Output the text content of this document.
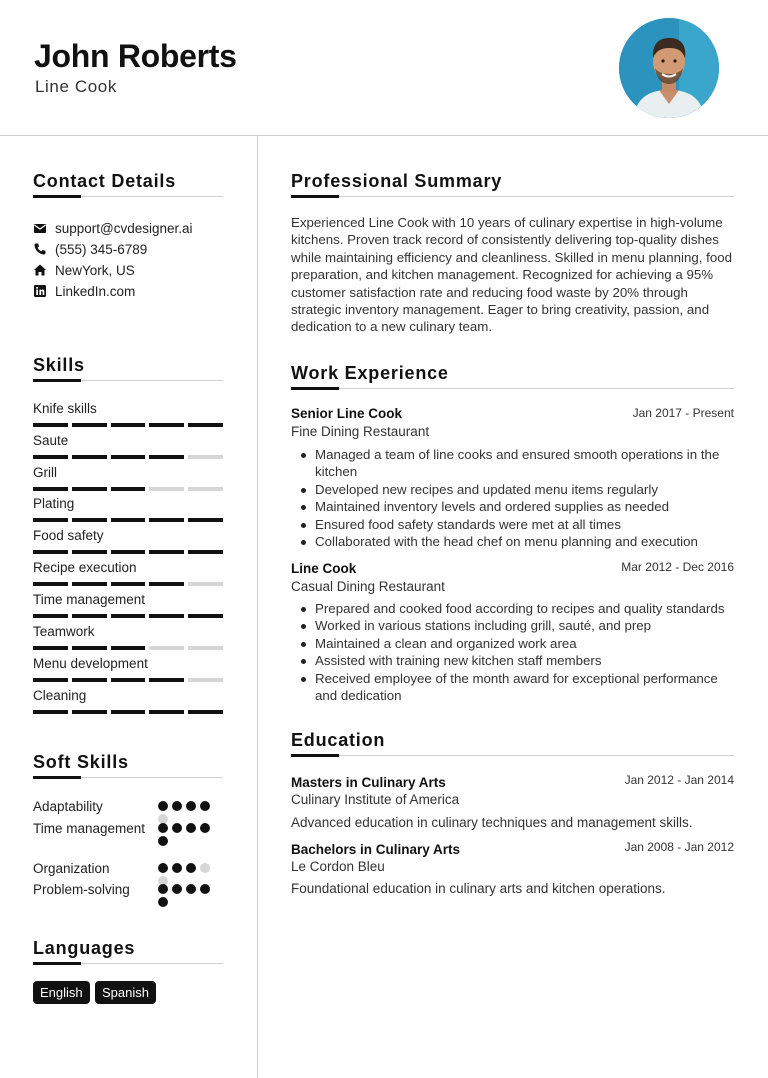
John Roberts
Line Cook
Contact Details
support@cvdesigner.ai
(555) 345-6789
NewYork, US
LinkedIn.com
Skills
Knife skills
Saute
Grill
Plating
Food safety
Recipe execution
Time management
Teamwork
Menu development
Cleaning
Soft Skills
Adaptability
Time management
Organization
Problem-solving
Languages
English	Spanish
Professional Summary
Experienced Line Cook with 10 years of culinary expertise in high-volume kitchens. Proven track record of consistently delivering top-quality dishes while maintaining efficiency and cleanliness. Skilled in menu planning, food preparation, and kitchen management. Recognized for achieving a 95% customer satisfaction rate and reducing food waste by 20% through strategic inventory management. Eager to bring creativity, passion, and dedication to a new culinary team.
Work Experience
Senior Line Cook	Jan 2017 - Present
Fine Dining Restaurant
Managed a team of line cooks and ensured smooth operations in the kitchen
Developed new recipes and updated menu items regularly
Maintained inventory levels and ordered supplies as needed
Ensured food safety standards were met at all times
Collaborated with the head chef on menu planning and execution
Line Cook	Mar 2012 - Dec 2016
Casual Dining Restaurant
Prepared and cooked food according to recipes and quality standards
Worked in various stations including grill, sauté, and prep
Maintained a clean and organized work area
Assisted with training new kitchen staff members
Received employee of the month award for exceptional performance and dedication
Education
Masters in Culinary Arts	Jan 2012 - Jan 2014
Culinary Institute of America
Advanced education in culinary techniques and management skills.
Bachelors in Culinary Arts	Jan 2008 - Jan 2012
Le Cordon Bleu
Foundational education in culinary arts and kitchen operations.
